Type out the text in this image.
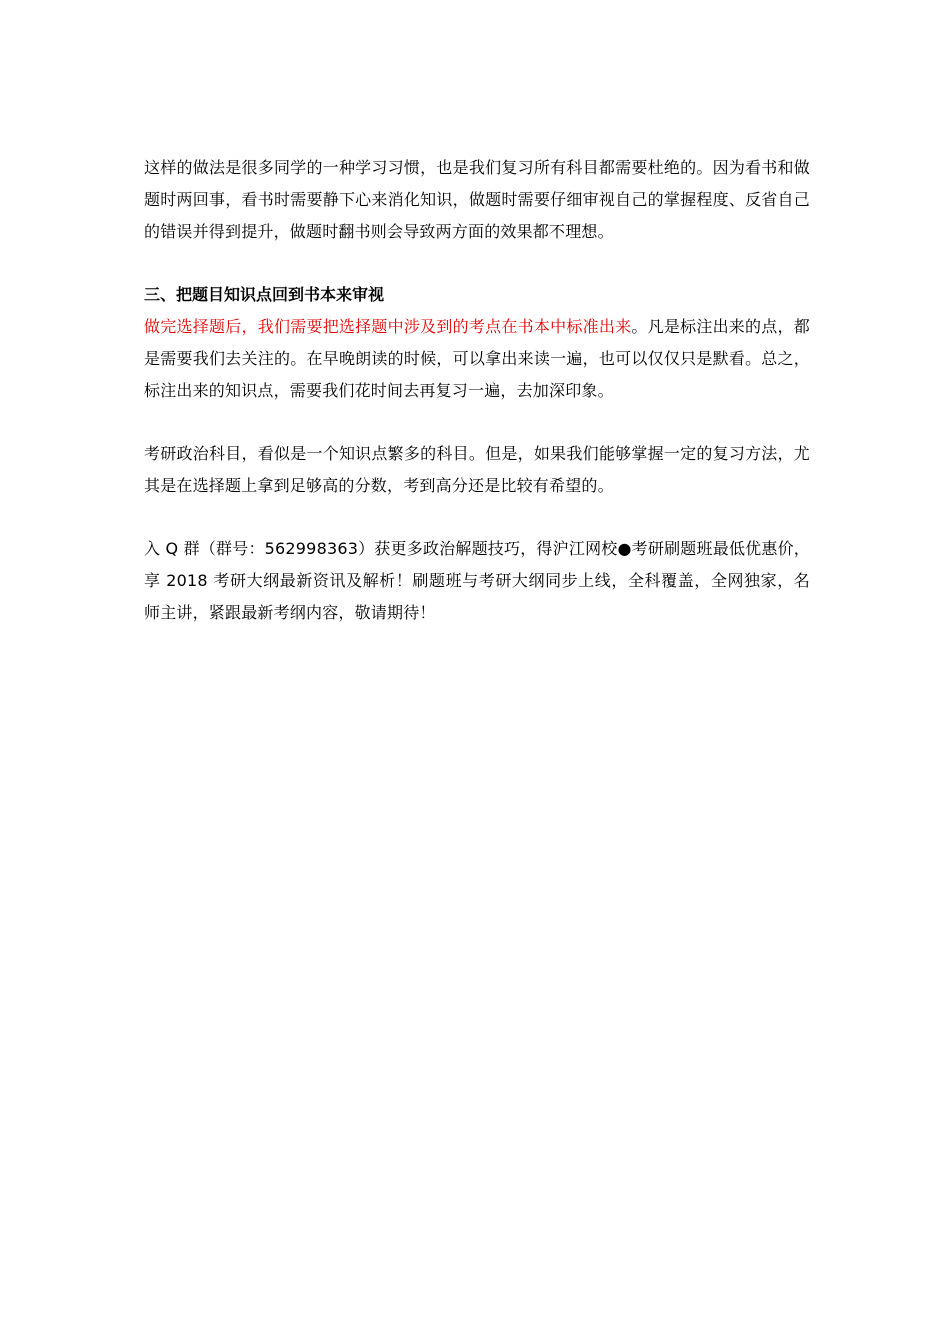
这样的做法是很多同学的一种学习习惯，也是我们复习所有科目都需要杜绝的。因为看书和做题时两回事，看书时需要静下心来消化知识，做题时需要仔细审视自己的掌握程度、反省自己的错误并得到提升，做题时翻书则会导致两方面的效果都不理想。

三、把题目知识点回到书本来审视

做完选择题后，我们需要把选择题中涉及到的考点在书本中标准出来。凡是标注出来的点，都是需要我们去关注的。在早晚朗读的时候，可以拿出来读一遍，也可以仅仅只是默看。总之，标注出来的知识点，需要我们花时间去再复习一遍，去加深印象。

考研政治科目，看似是一个知识点繁多的科目。但是，如果我们能够掌握一定的复习方法，尤其是在选择题上拿到足够高的分数，考到高分还是比较有希望的。

入 Q 群（群号：562998363）获更多政治解题技巧，得沪江网校●考研刷题班最低优惠价，享 2018 考研大纲最新资讯及解析！刷题班与考研大纲同步上线，全科覆盖，全网独家，名师主讲，紧跟最新考纲内容，敬请期待！
